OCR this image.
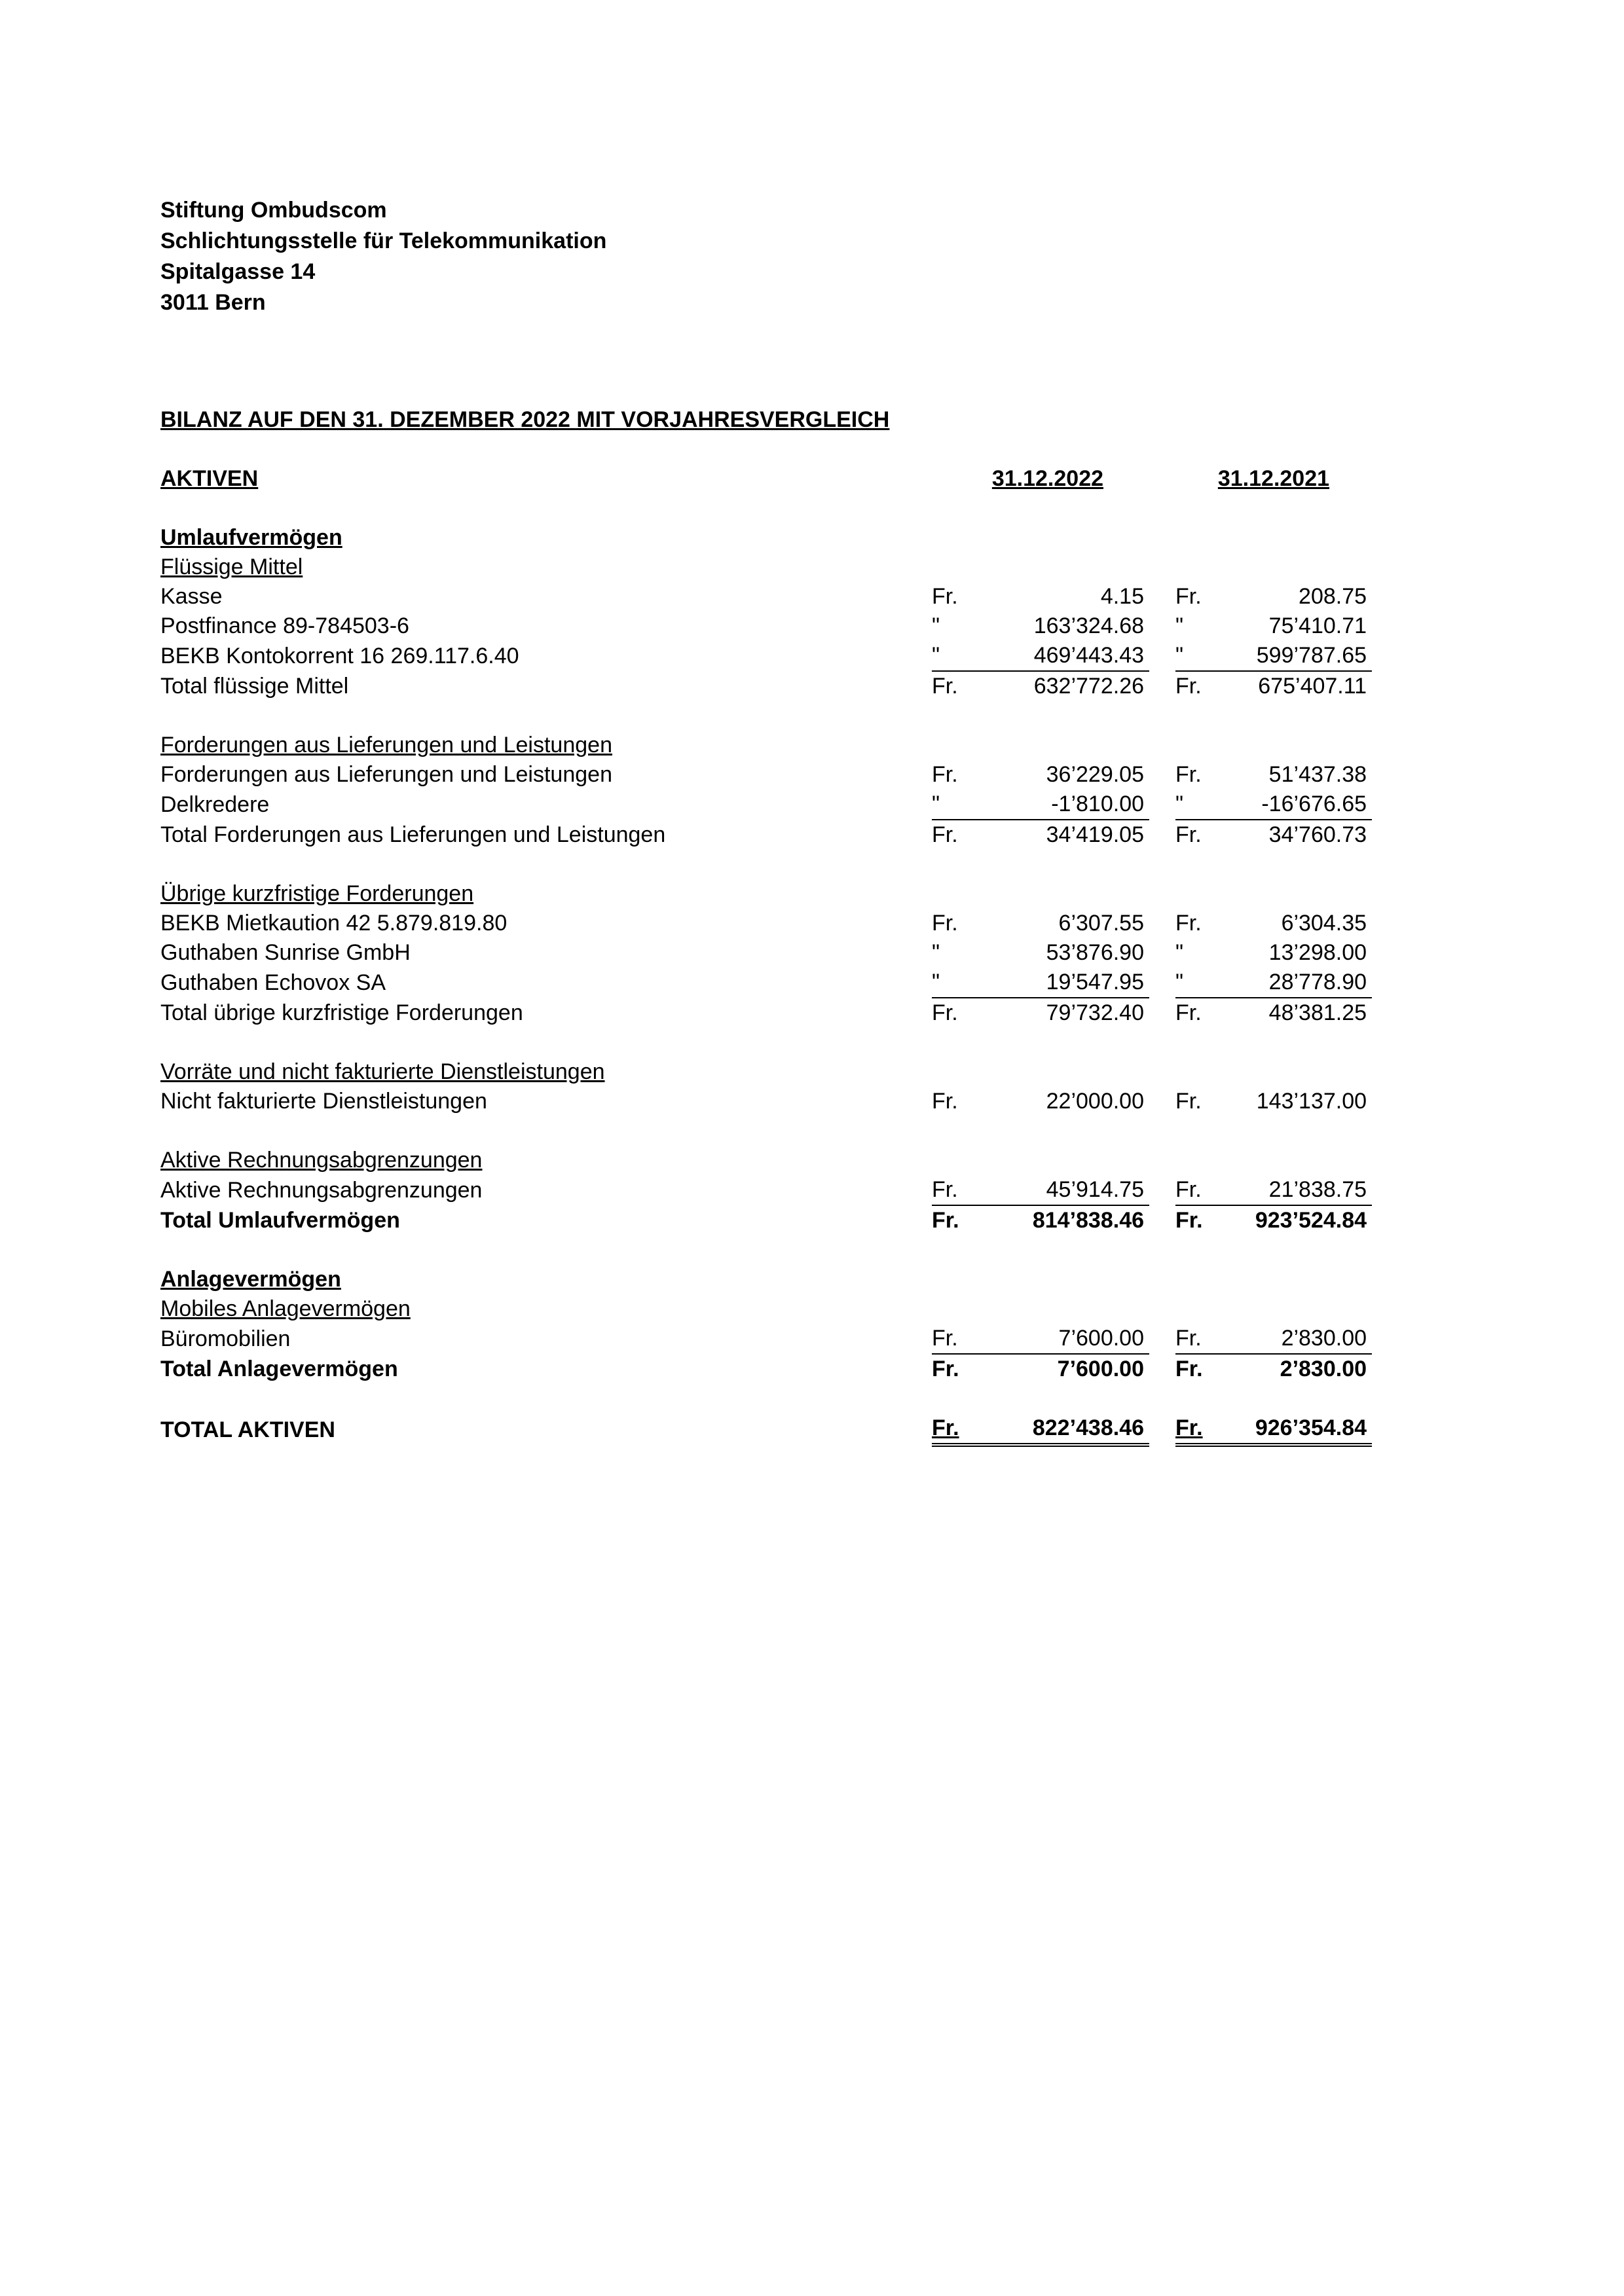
Stiftung Ombudscom
Schlichtungsstelle für Telekommunikation
Spitalgasse 14
3011 Bern
BILANZ AUF DEN 31. DEZEMBER 2022 MIT VORJAHRESVERGLEICH
AKTIVEN	31.12.2022			31.12.2021	

Umlaufvermögen					
Flüssige Mittel					
Kasse	Fr.	4.15		Fr.	208.75
Postfinance 89-784503-6	"	163’324.68		"	75’410.71
BEKB Kontokorrent 16 269.117.6.40	"	469’443.43		"	599’787.65
Total flüssige Mittel	Fr.	632’772.26		Fr.	675’407.11

Forderungen aus Lieferungen und Leistungen					
Forderungen aus Lieferungen und Leistungen	Fr.	36’229.05		Fr.	51’437.38
Delkredere	"	-1’810.00		"	-16’676.65
Total Forderungen aus Lieferungen und Leistungen	Fr.	34’419.05		Fr.	34’760.73

Übrige kurzfristige Forderungen					
BEKB Mietkaution 42 5.879.819.80	Fr.	6’307.55		Fr.	6’304.35
Guthaben Sunrise GmbH	"	53’876.90		"	13’298.00
Guthaben Echovox SA	"	19’547.95		"	28’778.90
Total übrige kurzfristige Forderungen	Fr.	79’732.40		Fr.	48’381.25

Vorräte und nicht fakturierte Dienstleistungen					
Nicht fakturierte Dienstleistungen	Fr.	22’000.00		Fr.	143’137.00

Aktive Rechnungsabgrenzungen					
Aktive Rechnungsabgrenzungen	Fr.	45’914.75		Fr.	21’838.75
Total Umlaufvermögen	Fr.	814’838.46		Fr.	923’524.84

Anlagevermögen					
Mobiles Anlagevermögen					
Büromobilien	Fr.	7’600.00		Fr.	2’830.00
Total Anlagevermögen	Fr.	7’600.00		Fr.	2’830.00

TOTAL AKTIVEN	Fr.	822’438.46		Fr.	926’354.84
